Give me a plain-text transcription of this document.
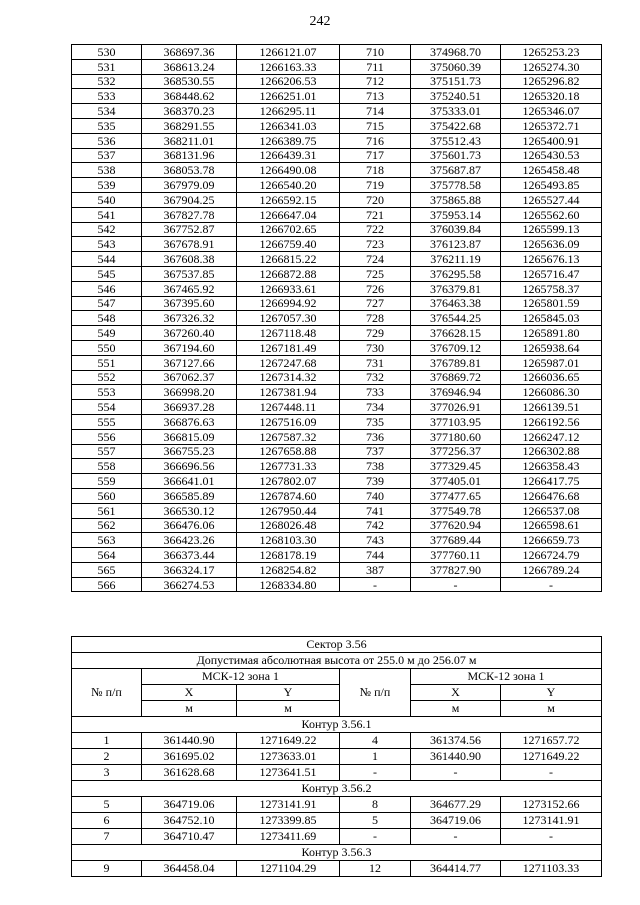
242
530	368697.36	1266121.07	710	374968.70	1265253.23
531	368613.24	1266163.33	711	375060.39	1265274.30
532	368530.55	1266206.53	712	375151.73	1265296.82
533	368448.62	1266251.01	713	375240.51	1265320.18
534	368370.23	1266295.11	714	375333.01	1265346.07
535	368291.55	1266341.03	715	375422.68	1265372.71
536	368211.01	1266389.75	716	375512.43	1265400.91
537	368131.96	1266439.31	717	375601.73	1265430.53
538	368053.78	1266490.08	718	375687.87	1265458.48
539	367979.09	1266540.20	719	375778.58	1265493.85
540	367904.25	1266592.15	720	375865.88	1265527.44
541	367827.78	1266647.04	721	375953.14	1265562.60
542	367752.87	1266702.65	722	376039.84	1265599.13
543	367678.91	1266759.40	723	376123.87	1265636.09
544	367608.38	1266815.22	724	376211.19	1265676.13
545	367537.85	1266872.88	725	376295.58	1265716.47
546	367465.92	1266933.61	726	376379.81	1265758.37
547	367395.60	1266994.92	727	376463.38	1265801.59
548	367326.32	1267057.30	728	376544.25	1265845.03
549	367260.40	1267118.48	729	376628.15	1265891.80
550	367194.60	1267181.49	730	376709.12	1265938.64
551	367127.66	1267247.68	731	376789.81	1265987.01
552	367062.37	1267314.32	732	376869.72	1266036.65
553	366998.20	1267381.94	733	376946.94	1266086.30
554	366937.28	1267448.11	734	377026.91	1266139.51
555	366876.63	1267516.09	735	377103.95	1266192.56
556	366815.09	1267587.32	736	377180.60	1266247.12
557	366755.23	1267658.88	737	377256.37	1266302.88
558	366696.56	1267731.33	738	377329.45	1266358.43
559	366641.01	1267802.07	739	377405.01	1266417.75
560	366585.89	1267874.60	740	377477.65	1266476.68
561	366530.12	1267950.44	741	377549.78	1266537.08
562	366476.06	1268026.48	742	377620.94	1266598.61
563	366423.26	1268103.30	743	377689.44	1266659.73
564	366373.44	1268178.19	744	377760.11	1266724.79
565	366324.17	1268254.82	387	377827.90	1266789.24
566	366274.53	1268334.80	-	-	-
Сектор 3.56					
Допустимая абсолютная высота от 255.0 м до 256.07 м					
№ п/п	МСК-12 зона 1		№ п/п	МСК-12 зона 1	
	X	Y		X	Y
	м	м		м	м
Контур 3.56.1					
1	361440.90	1271649.22	4	361374.56	1271657.72
2	361695.02	1273633.01	1	361440.90	1271649.22
3	361628.68	1273641.51	-	-	-
Контур 3.56.2					
5	364719.06	1273141.91	8	364677.29	1273152.66
6	364752.10	1273399.85	5	364719.06	1273141.91
7	364710.47	1273411.69	-	-	-
Контур 3.56.3					
9	364458.04	1271104.29	12	364414.77	1271103.33
